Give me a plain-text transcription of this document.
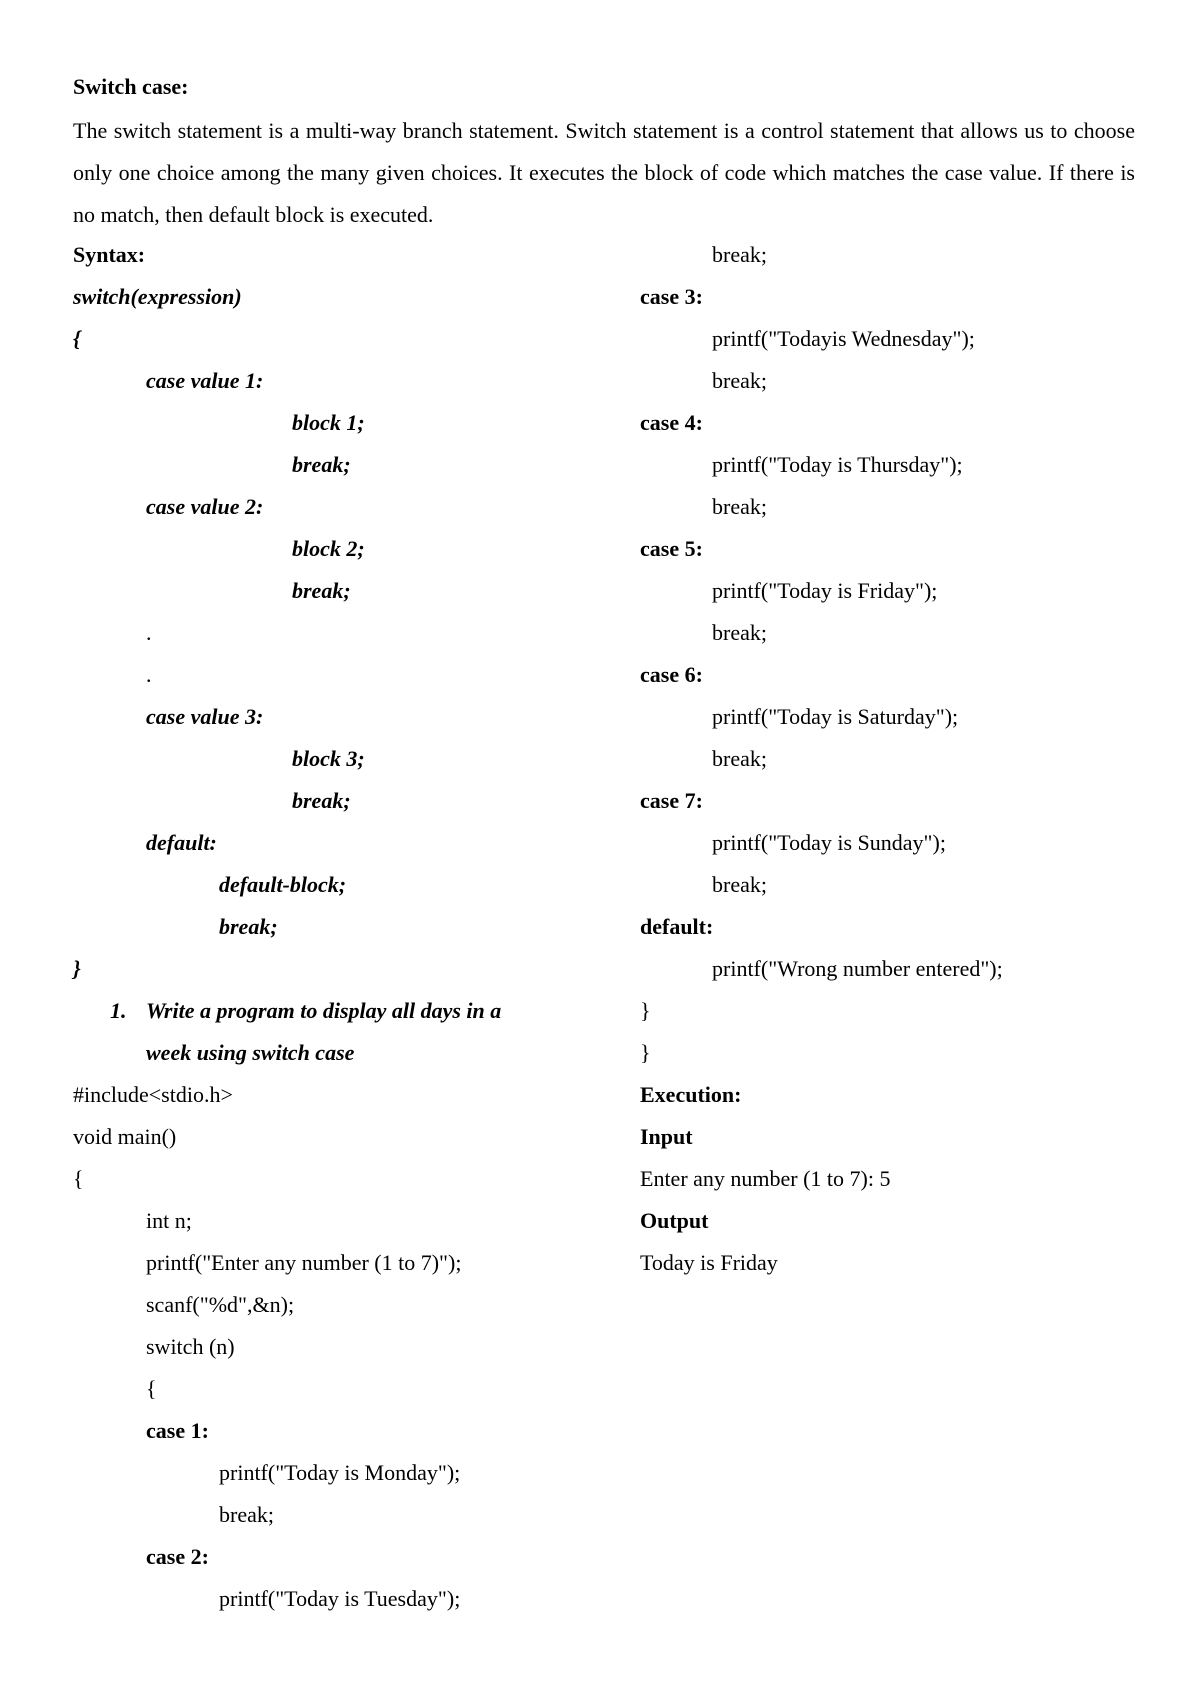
Switch case:

The switch statement is a multi-way branch statement. Switch statement is a control statement that allows us to choose only one choice among the many given choices. It executes the block of code which matches the case value. If there is no match, then default block is executed.

Syntax:

switch(expression)

{

case value 1:

block 1;

break;

case value 2:

block 2;

break;

.

.

case value 3:

block 3;

break;

default:

default-block;

break;

}

1. Write a program to display all days in a

week using switch case

#include<stdio.h>

void main()

{

int n;

printf("Enter any number (1 to 7)");

scanf("%d",&n);

switch (n)

{

case 1:

printf("Today is Monday");

break;

case 2:

printf("Today is Tuesday");

break;

case 3:

printf("Todayis Wednesday");

break;

case 4:

printf("Today is Thursday");

break;

case 5:

printf("Today is Friday");

break;

case 6:

printf("Today is Saturday");

break;

case 7:

printf("Today is Sunday");

break;

default:

printf("Wrong number entered");

}

}

Execution:

Input

Enter any number (1 to 7): 5

Output

Today is Friday
